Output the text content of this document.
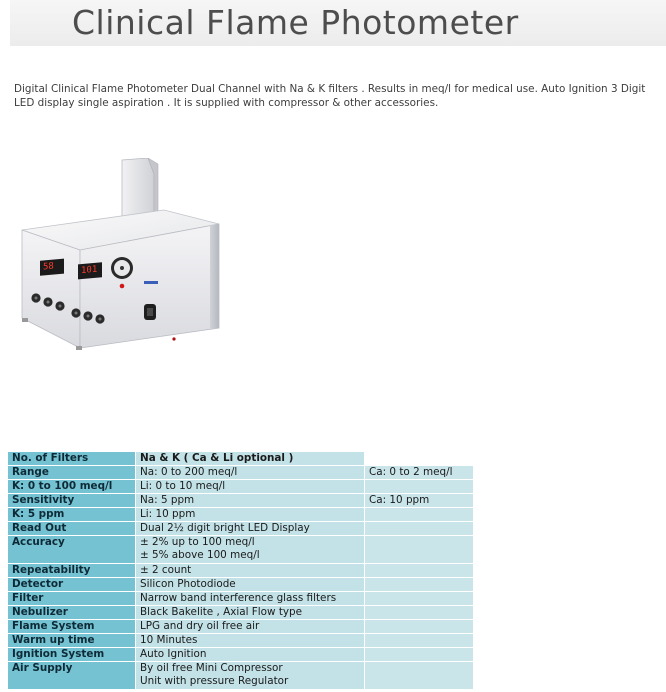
Clinical Flame Photometer
Digital Clinical Flame Photometer Dual Channel with Na & K filters . Results in meq/l for medical use. Auto Ignition 3 Digit LED display single aspiration . It is supplied with compressor & other accessories.
58	101
No. of Filters	Na & K ( Ca & Li optional )	
Range	Na: 0 to 200 meq/l	Ca: 0 to 2 meq/l
K: 0 to 100 meq/l	Li: 0 to 10 meq/l	
Sensitivity	Na: 5 ppm	Ca: 10 ppm
K: 5 ppm	Li: 10 ppm	
Read Out	Dual 2½ digit bright LED Display	
Accuracy	± 2% up to 100 meq/l
± 5% above 100 meq/l	

Repeatability	± 2 count	
Detector	Silicon Photodiode	
Filter	Narrow band interference glass filters	
Nebulizer	Black Bakelite , Axial Flow type	
Flame System	LPG and dry oil free air	
Warm up time	10 Minutes	
Ignition System	Auto Ignition	
Air Supply	By oil free Mini Compressor
Unit with pressure Regulator	
